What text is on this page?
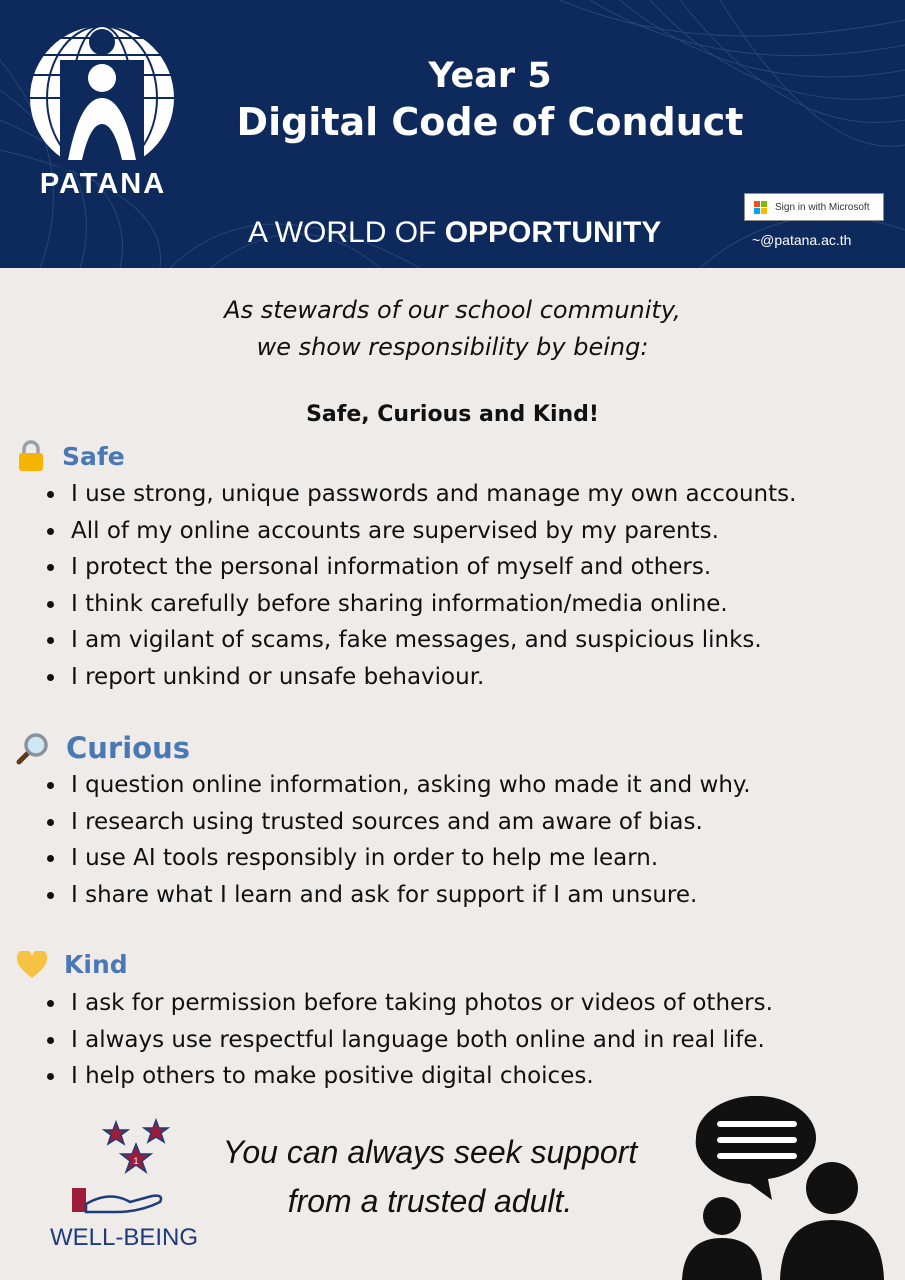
PATANA
Year 5
Digital Code of Conduct
A WORLD OF OPPORTUNITY
Sign in with Microsoft
~@patana.ac.th
As stewards of our school community,
we show responsibility by being:
Safe, Curious and Kind!
Safe
I use strong, unique passwords and manage my own accounts.
All of my online accounts are supervised by my parents.
I protect the personal information of myself and others.
I think carefully before sharing information/media online.
I am vigilant of scams, fake messages, and suspicious links.
I report unkind or unsafe behaviour.
Curious
I question online information, asking who made it and why.
I research using trusted sources and am aware of bias.
I use AI tools responsibly in order to help me learn.
I share what I learn and ask for support if I am unsure.
Kind
I ask for permission before taking photos or videos of others.
I always use respectful language both online and in real life.
I help others to make positive digital choices.
1
WELL-BEING
You can always seek support
from a trusted adult.
